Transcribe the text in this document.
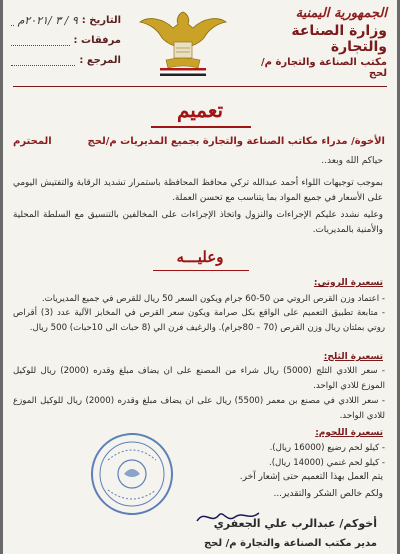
الجمهورية اليمنية
وزارة الصناعة والتجارة
مكتب الصناعة والتجارة م/ لحج
التاريخ :
٩ / ٣ /٢٠٢١م
مرفقات :
المرجع :
تعميم
الأخوة/ مدراء مكاتب الصناعة والتجارة بجميع المديريات م/لحج
المحترم
حياكم الله وبعد..
بموجب توجيهات اللواء أحمد عبدالله تركي محافظ المحافظة باستمرار تشديد الرقابة والتفتيش اليومي على الأسعار في جميع المواد بما يتناسب مع تحسن العملة.
وعليه نشدد عليكم الإجراءات والنزول واتخاذ الإجراءات على المخالفين بالتنسيق مع السلطة المحلية والأمنية بالمديريات.
وعليـــه
تسعيرة الروتي:
- اعتماد وزن القرص الروتي من 50-60 جرام ويكون السعر 50 ريال للقرص في جميع المديريات.
- متابعة تطبيق التعميم على الواقع بكل صرامة ويكون سعر القرص في المخابز الآلية عدد (3) أقراص روتي بمئتان ريال وزن القرص (70 – 80جرام). والرغيف فرن الي (8 حبات الى 10حبات) 500 ريال.
تسعيرة الثلج:
- سعر اللادي الثلج (5000) ريال شراء من المصنع على ان يضاف مبلغ وقدره (2000) ريال للوكيل الموزع للادي الواحد.
- سعر اللادي في مصنع بن معمر (5500) ريال على ان يضاف مبلغ وقدره (2000) ريال للوكيل الموزع للادي الواحد.
تسعيرة اللحوم:
- كيلو لحم رضيع (16000 ريال).
- كيلو لحم غنمي (14000 ريال).
يتم العمل بهذا التعميم حتى إشعار آخر.
ولكم خالص الشكر والتقدير...
أخوكم/ عبدالرب علي الجعفري
مدير مكتب الصناعة والتجارة م/ لحج
